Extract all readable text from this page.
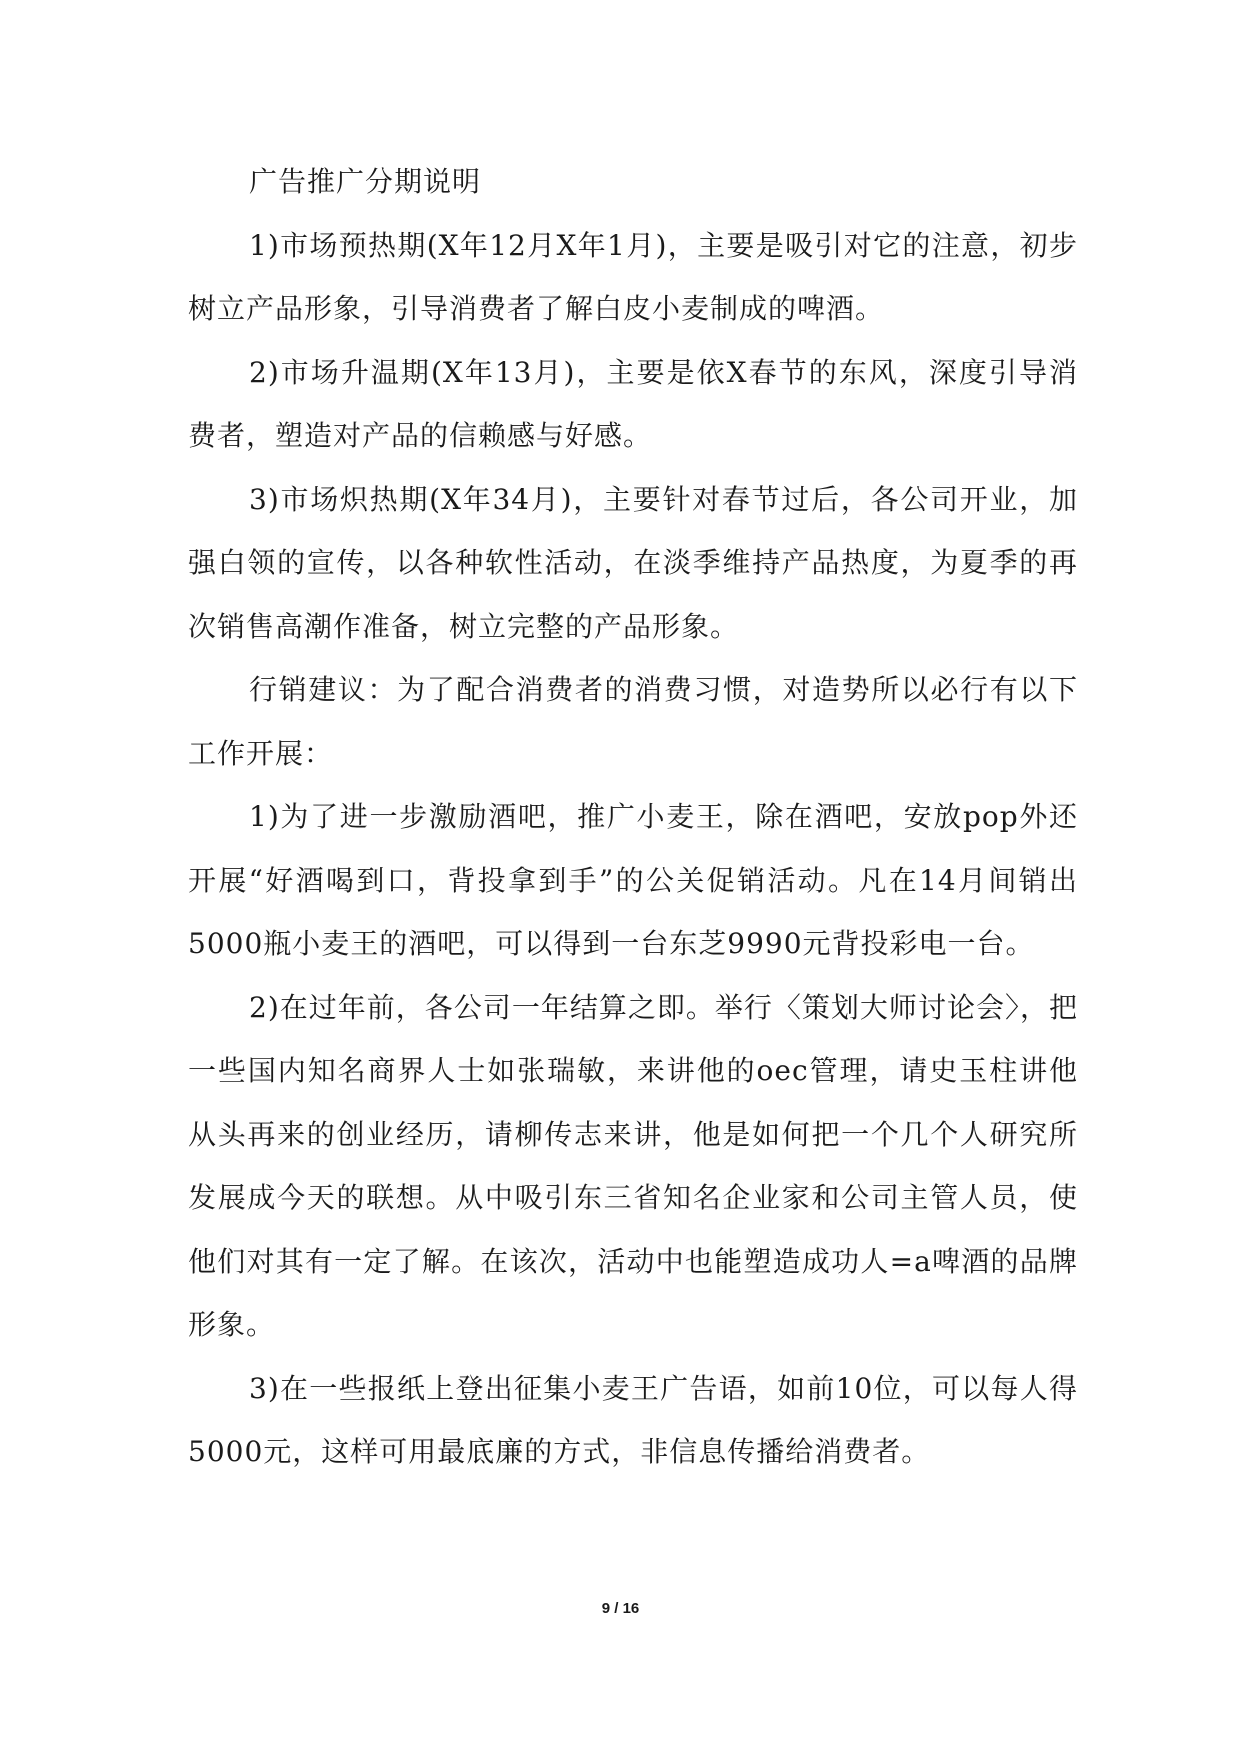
广告推广分期说明

1)市场预热期(X年12月X年1月)，主要是吸引对它的注意，初步树立产品形象，引导消费者了解白皮小麦制成的啤酒。

2)市场升温期(X年13月)，主要是依X春节的东风，深度引导消费者，塑造对产品的信赖感与好感。

3)市场炽热期(X年34月)，主要针对春节过后，各公司开业，加强白领的宣传，以各种软性活动，在淡季维持产品热度，为夏季的再次销售高潮作准备，树立完整的产品形象。

行销建议：为了配合消费者的消费习惯，对造势所以必行有以下工作开展：

1)为了进一步激励酒吧，推广小麦王，除在酒吧，安放pop外还开展“好酒喝到口，背投拿到手”的公关促销活动。凡在14月间销出5000瓶小麦王的酒吧，可以得到一台东芝9990元背投彩电一台。

2)在过年前，各公司一年结算之即。举行〈策划大师讨论会〉，把一些国内知名商界人士如张瑞敏，来讲他的oec管理，请史玉柱讲他从头再来的创业经历，请柳传志来讲，他是如何把一个几个人研究所发展成今天的联想。从中吸引东三省知名企业家和公司主管人员，使他们对其有一定了解。在该次，活动中也能塑造成功人=a啤酒的品牌形象。

3)在一些报纸上登出征集小麦王广告语，如前10位，可以每人得5000元，这样可用最底廉的方式，非信息传播给消费者。

9 / 16
